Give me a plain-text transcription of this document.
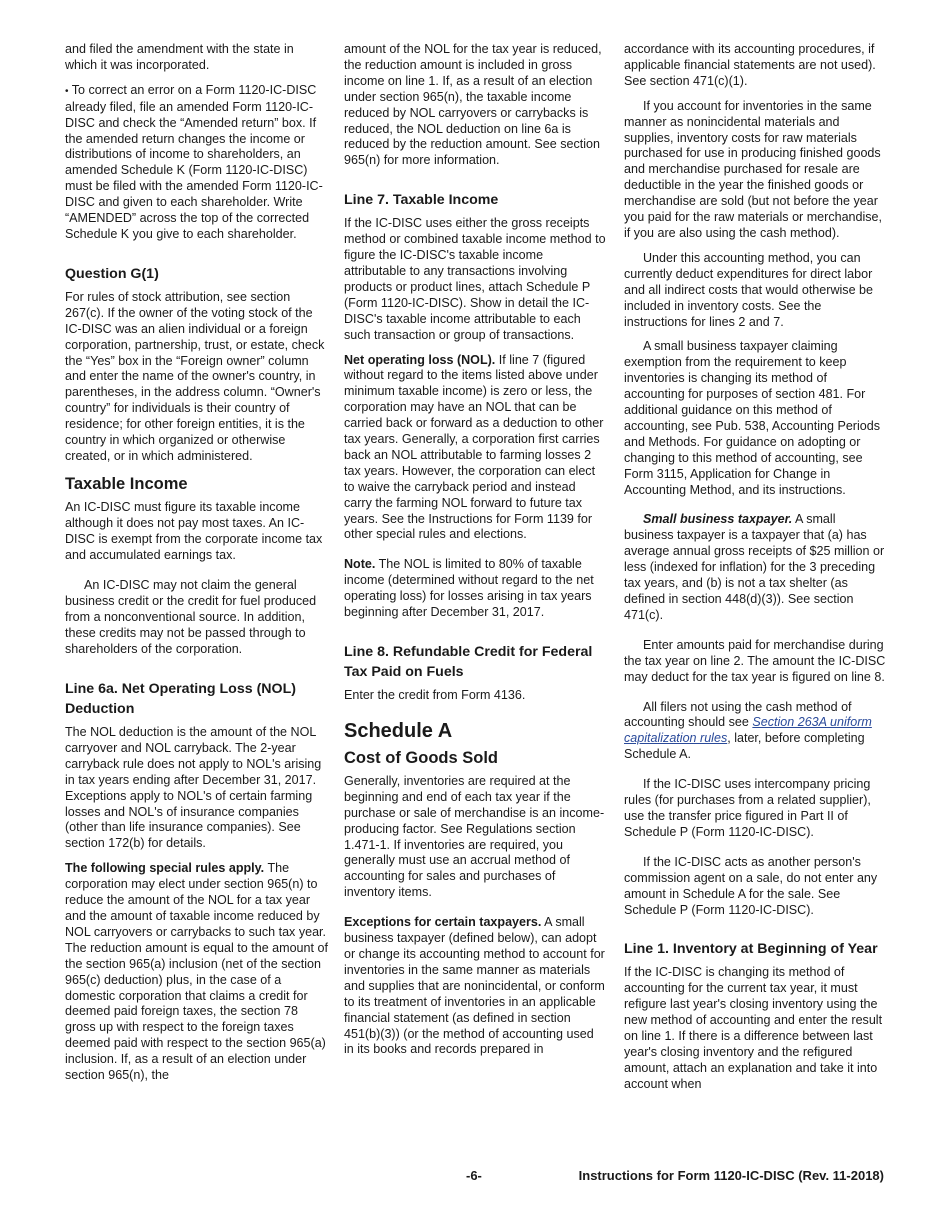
and filed the amendment with the state in which it was incorporated.

• To correct an error on a Form 1120-IC-DISC already filed, file an amended Form 1120-IC-DISC and check the “Amended return” box. If the amended return changes the income or distributions of income to shareholders, an amended Schedule K (Form 1120-IC-DISC) must be filed with the amended Form 1120-IC-DISC and given to each shareholder. Write “AMENDED” across the top of the corrected Schedule K you give to each shareholder.

Question G(1)

For rules of stock attribution, see section 267(c). If the owner of the voting stock of the IC-DISC was an alien individual or a foreign corporation, partnership, trust, or estate, check the “Yes” box in the “Foreign owner” column and enter the name of the owner's country, in parentheses, in the address column. “Owner's country” for individuals is their country of residence; for other foreign entities, it is the country in which organized or otherwise created, or in which administered.

Taxable Income

An IC-DISC must figure its taxable income although it does not pay most taxes. An IC-DISC is exempt from the corporate income tax and accumulated earnings tax.

An IC-DISC may not claim the general business credit or the credit for fuel produced from a nonconventional source. In addition, these credits may not be passed through to shareholders of the corporation.

Line 6a. Net Operating Loss (NOL) Deduction

The NOL deduction is the amount of the NOL carryover and NOL carryback. The 2-year carryback rule does not apply to NOL's arising in tax years ending after December 31, 2017. Exceptions apply to NOL's of certain farming losses and NOL's of insurance companies (other than life insurance companies). See section 172(b) for details.

The following special rules apply. The corporation may elect under section 965(n) to reduce the amount of the NOL for a tax year and the amount of taxable income reduced by NOL carryovers or carrybacks to such tax year. The reduction amount is equal to the amount of the section 965(a) inclusion (net of the section 965(c) deduction) plus, in the case of a domestic corporation that claims a credit for deemed paid foreign taxes, the section 78 gross up with respect to the foreign taxes deemed paid with respect to the section 965(a) inclusion. If, as a result of an election under section 965(n), the

amount of the NOL for the tax year is reduced, the reduction amount is included in gross income on line 1. If, as a result of an election under section 965(n), the taxable income reduced by NOL carryovers or carrybacks is reduced, the NOL deduction on line 6a is reduced by the reduction amount. See section 965(n) for more information.

Line 7. Taxable Income

If the IC-DISC uses either the gross receipts method or combined taxable income method to figure the IC-DISC's taxable income attributable to any transactions involving products or product lines, attach Schedule P (Form 1120-IC-DISC). Show in detail the IC-DISC's taxable income attributable to each such transaction or group of transactions.

Net operating loss (NOL). If line 7 (figured without regard to the items listed above under minimum taxable income) is zero or less, the corporation may have an NOL that can be carried back or forward as a deduction to other tax years. Generally, a corporation first carries back an NOL attributable to farming losses 2 tax years. However, the corporation can elect to waive the carryback period and instead carry the farming NOL forward to future tax years. See the Instructions for Form 1139 for other special rules and elections.

Note. The NOL is limited to 80% of taxable income (determined without regard to the net operating loss) for losses arising in tax years beginning after December 31, 2017.

Line 8. Refundable Credit for Federal Tax Paid on Fuels

Enter the credit from Form 4136.

Schedule A
Cost of Goods Sold

Generally, inventories are required at the beginning and end of each tax year if the purchase or sale of merchandise is an income-producing factor. See Regulations section 1.471-1. If inventories are required, you generally must use an accrual method of accounting for sales and purchases of inventory items.

Exceptions for certain taxpayers. A small business taxpayer (defined below), can adopt or change its accounting method to account for inventories in the same manner as materials and supplies that are nonincidental, or conform to its treatment of inventories in an applicable financial statement (as defined in section 451(b)(3)) (or the method of accounting used in its books and records prepared in

accordance with its accounting procedures, if applicable financial statements are not used). See section 471(c)(1).

If you account for inventories in the same manner as nonincidental materials and supplies, inventory costs for raw materials purchased for use in producing finished goods and merchandise purchased for resale are deductible in the year the finished goods or merchandise are sold (but not before the year you paid for the raw materials or merchandise, if you are also using the cash method).

Under this accounting method, you can currently deduct expenditures for direct labor and all indirect costs that would otherwise be included in inventory costs. See the instructions for lines 2 and 7.

A small business taxpayer claiming exemption from the requirement to keep inventories is changing its method of accounting for purposes of section 481. For additional guidance on this method of accounting, see Pub. 538, Accounting Periods and Methods. For guidance on adopting or changing to this method of accounting, see Form 3115, Application for Change in Accounting Method, and its instructions.

Small business taxpayer. A small business taxpayer is a taxpayer that (a) has average annual gross receipts of $25 million or less (indexed for inflation) for the 3 preceding tax years, and (b) is not a tax shelter (as defined in section 448(d)(3)). See section 471(c).

Enter amounts paid for merchandise during the tax year on line 2. The amount the IC-DISC may deduct for the tax year is figured on line 8.

All filers not using the cash method of accounting should see Section 263A uniform capitalization rules, later, before completing Schedule A.

If the IC-DISC uses intercompany pricing rules (for purchases from a related supplier), use the transfer price figured in Part II of Schedule P (Form 1120-IC-DISC).

If the IC-DISC acts as another person's commission agent on a sale, do not enter any amount in Schedule A for the sale. See Schedule P (Form 1120-IC-DISC).

Line 1. Inventory at Beginning of Year

If the IC-DISC is changing its method of accounting for the current tax year, it must refigure last year's closing inventory using the new method of accounting and enter the result on line 1. If there is a difference between last year's closing inventory and the refigured amount, attach an explanation and take it into account when

-6-	Instructions for Form 1120-IC-DISC (Rev. 11-2018)
